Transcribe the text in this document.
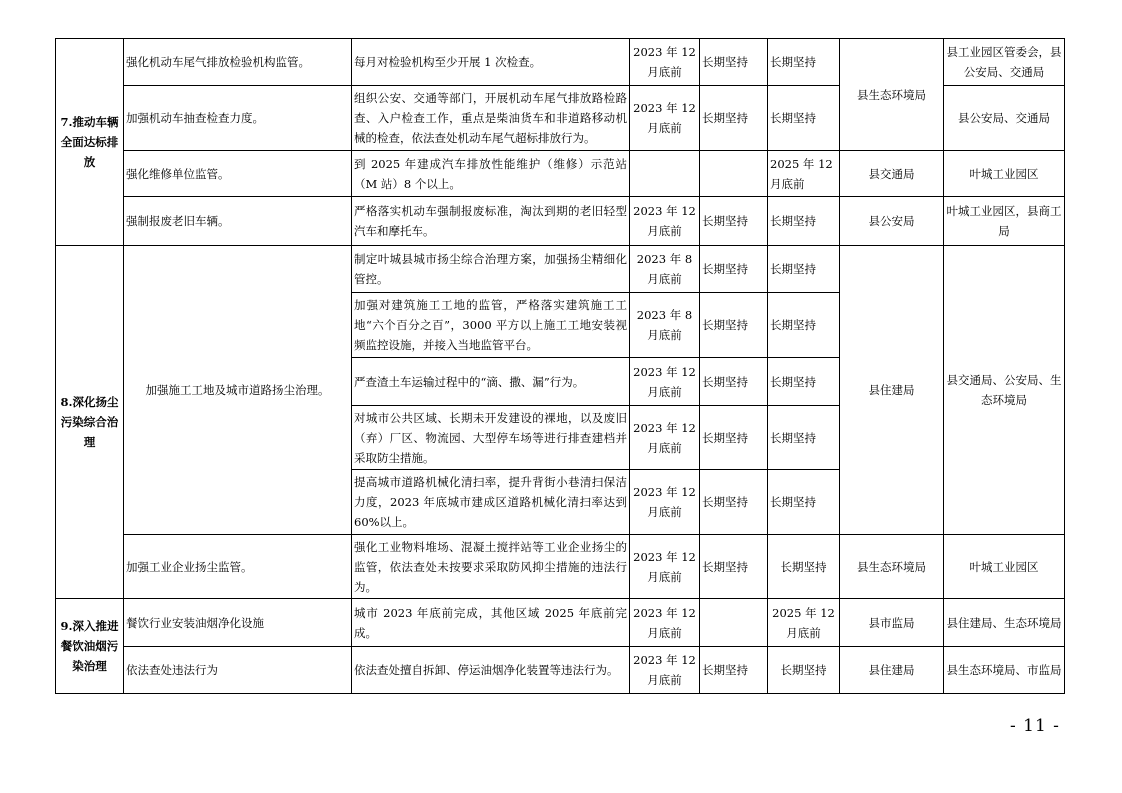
7.推动车辆全面达标排放	强化机动车尾气排放检验机构监管。	每月对检验机构至少开展 1 次检查。	2023 年 12 月底前	长期坚持	长期坚持	县生态环境局	县工业园区管委会，县公安局、交通局
	加强机动车抽查检查力度。	组织公安、交通等部门，开展机动车尾气排放路检路查、入户检查工作，重点是柴油货车和非道路移动机械的检查，依法查处机动车尾气超标排放行为。	2023 年 12 月底前	长期坚持	长期坚持		县公安局、交通局
	强化维修单位监管。	到 2025 年建成汽车排放性能维护（维修）示范站（M 站）8 个以上。			2025 年 12 月底前	县交通局	叶城工业园区
	强制报废老旧车辆。	严格落实机动车强制报废标准，淘汰到期的老旧轻型汽车和摩托车。	2023 年 12 月底前	长期坚持	长期坚持	县公安局	叶城工业园区，县商工局
8.深化扬尘污染综合治理	加强施工工地及城市道路扬尘治理。	制定叶城县城市扬尘综合治理方案，加强扬尘精细化管控。	2023 年 8 月底前	长期坚持	长期坚持	县住建局	县交通局、公安局、生态环境局
		加强对建筑施工工地的监管，严格落实建筑施工工地“六个百分之百”，3000 平方以上施工工地安装视频监控设施，并接入当地监管平台。	2023 年 8 月底前	长期坚持	长期坚持		
		严查渣土车运输过程中的“滴、撒、漏”行为。	2023 年 12 月底前	长期坚持	长期坚持		
		对城市公共区域、长期未开发建设的裸地，以及废旧（弃）厂区、物流园、大型停车场等进行排查建档并采取防尘措施。	2023 年 12 月底前	长期坚持	长期坚持		
		提高城市道路机械化清扫率，提升背街小巷清扫保洁力度，2023 年底城市建成区道路机械化清扫率达到 60%以上。	2023 年 12 月底前	长期坚持	长期坚持		
	加强工业企业扬尘监管。	强化工业物料堆场、混凝土搅拌站等工业企业扬尘的监管，依法查处未按要求采取防风抑尘措施的违法行为。	2023 年 12 月底前	长期坚持	长期坚持	县生态环境局	叶城工业园区
9.深入推进餐饮油烟污染治理	餐饮行业安装油烟净化设施	城市 2023 年底前完成，其他区域 2025 年底前完成。	2023 年 12 月底前		2025 年 12 月底前	县市监局	县住建局、生态环境局
	依法查处违法行为	依法查处擅自拆卸、停运油烟净化装置等违法行为。	2023 年 12 月底前	长期坚持	长期坚持	县住建局	县生态环境局、市监局
- 11 -
